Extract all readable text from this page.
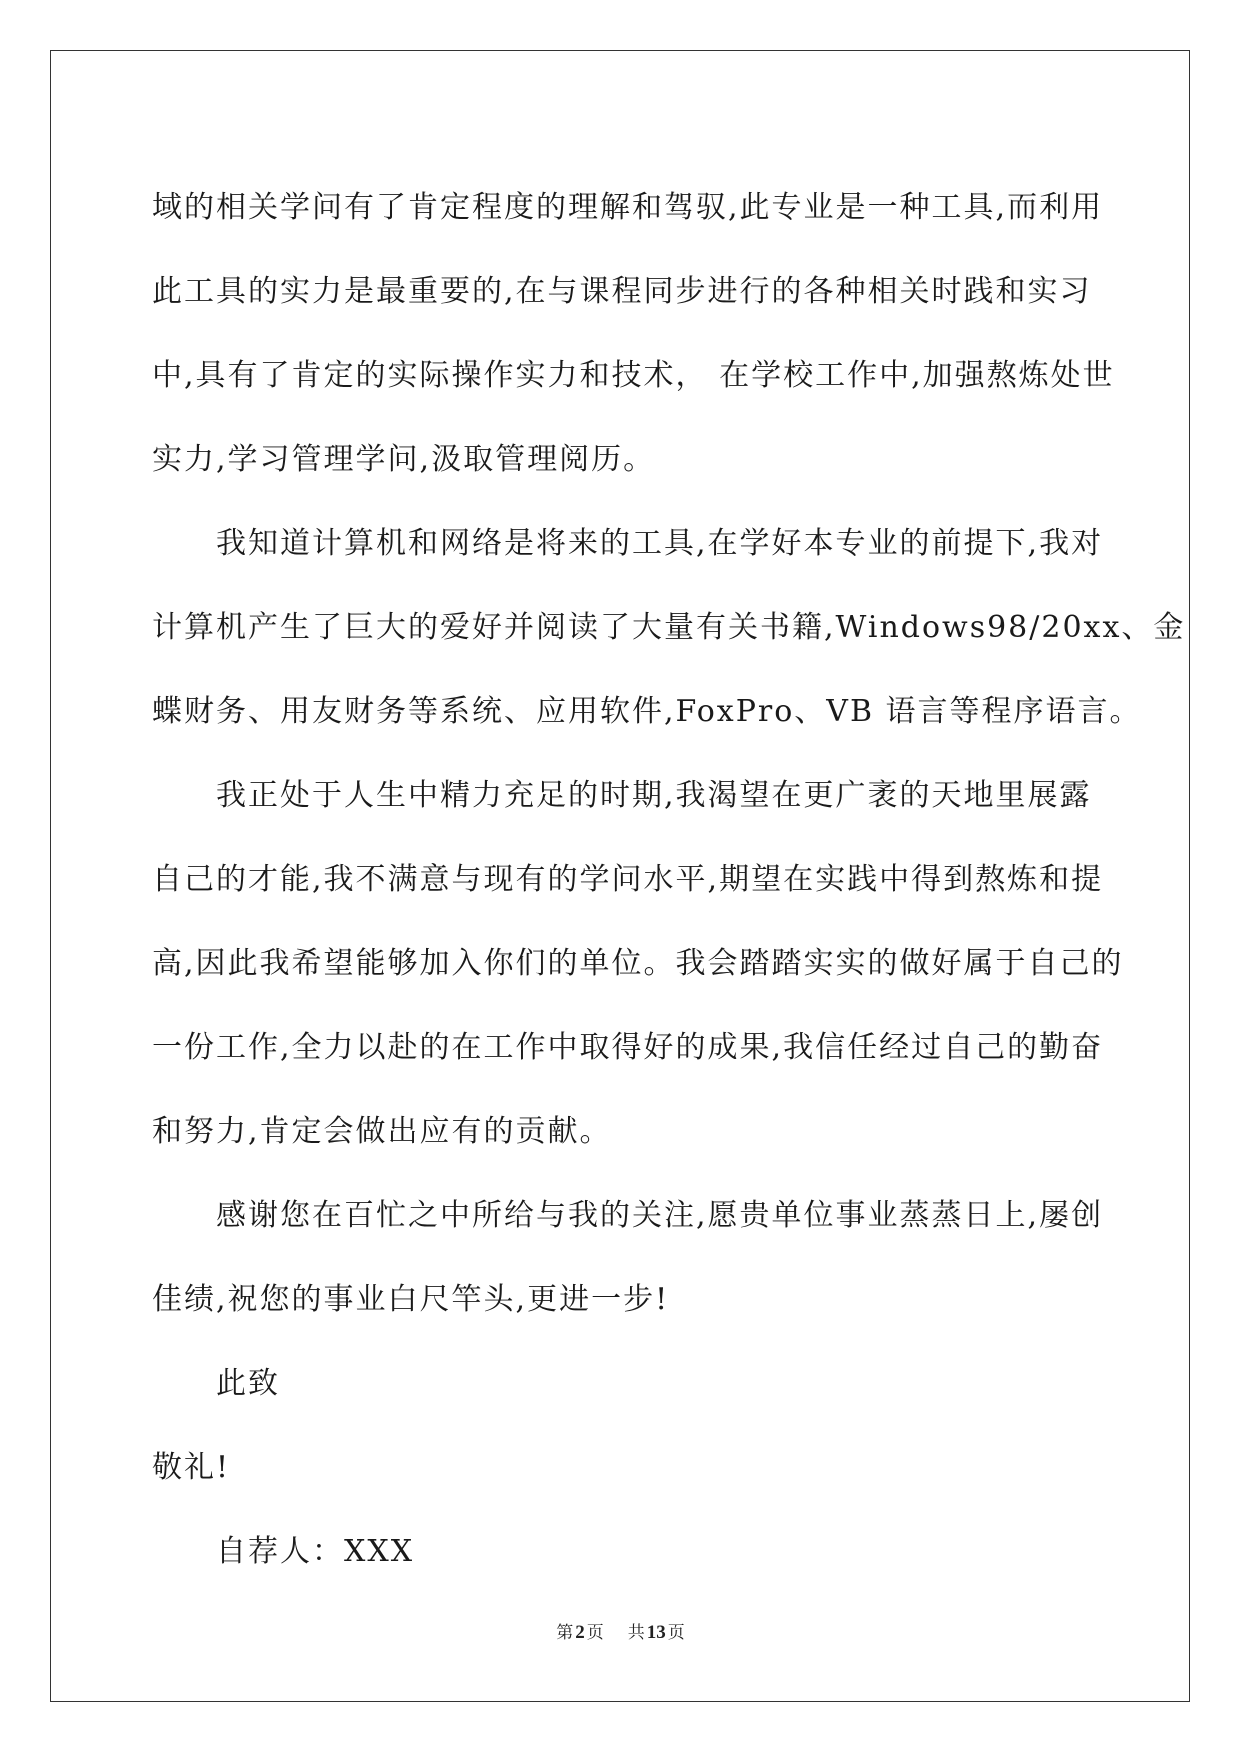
域的相关学问有了肯定程度的理解和驾驭,此专业是一种工具,而利用
此工具的实力是最重要的,在与课程同步进行的各种相关时践和实习
中,具有了肯定的实际操作实力和技术， 在学校工作中,加强熬炼处世
实力,学习管理学问,汲取管理阅历。
我知道计算机和网络是将来的工具,在学好本专业的前提下,我对
计算机产生了巨大的爱好并阅读了大量有关书籍,Windows98/20xx、金
蝶财务、用友财务等系统、应用软件,FoxPro、VB 语言等程序语言。
我正处于人生中精力充足的时期,我渴望在更广袤的天地里展露
自己的才能,我不满意与现有的学问水平,期望在实践中得到熬炼和提
高,因此我希望能够加入你们的单位。我会踏踏实实的做好属于自己的
一份工作,全力以赴的在工作中取得好的成果,我信任经过自己的勤奋
和努力,肯定会做出应有的贡献。
感谢您在百忙之中所给与我的关注,愿贵单位事业蒸蒸日上,屡创
佳绩,祝您的事业白尺竿头,更进一步!
此致
敬礼!
自荐人：XXX
第 2 页 共 13 页
